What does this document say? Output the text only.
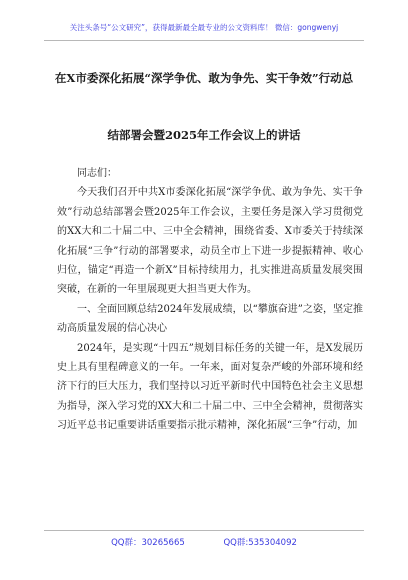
关注头条号“公文研究”，获得最新最全最专业的公文资料库！ 微信：gongwenyj
在X市委深化拓展“深学争优、敢为争先、实干争效”行动总
结部署会暨2025年工作会议上的讲话

同志们：

今天我们召开中共X市委深化拓展“深学争优、敢为争先、实干争效”行动总结部署会暨2025年工作会议，主要任务是深入学习贯彻党的XX大和二十届二中、三中全会精神，围绕省委、X市委关于持续深化拓展“三争”行动的部署要求，动员全市上下进一步提振精神、收心归位，锚定“再造一个新X”目标持续用力，扎实推进高质量发展突围突破，在新的一年里展现更大担当更大作为。

一、全面回顾总结2024年发展成绩，以“攀旗奋进”之姿，坚定推动高质量发展的信心决心

2024年，是实现“十四五”规划目标任务的关键一年，是X发展历史上具有里程碑意义的一年。一年来，面对复杂严峻的外部环境和经济下行的巨大压力，我们坚持以习近平新时代中国特色社会主义思想为指导，深入学习党的XX大和二十届二中、三中全会精神，贯彻落实习近平总书记重要讲话重要指示批示精神，深化拓展“三争”行动，加

QQ群：30265665	QQ群:535304092
